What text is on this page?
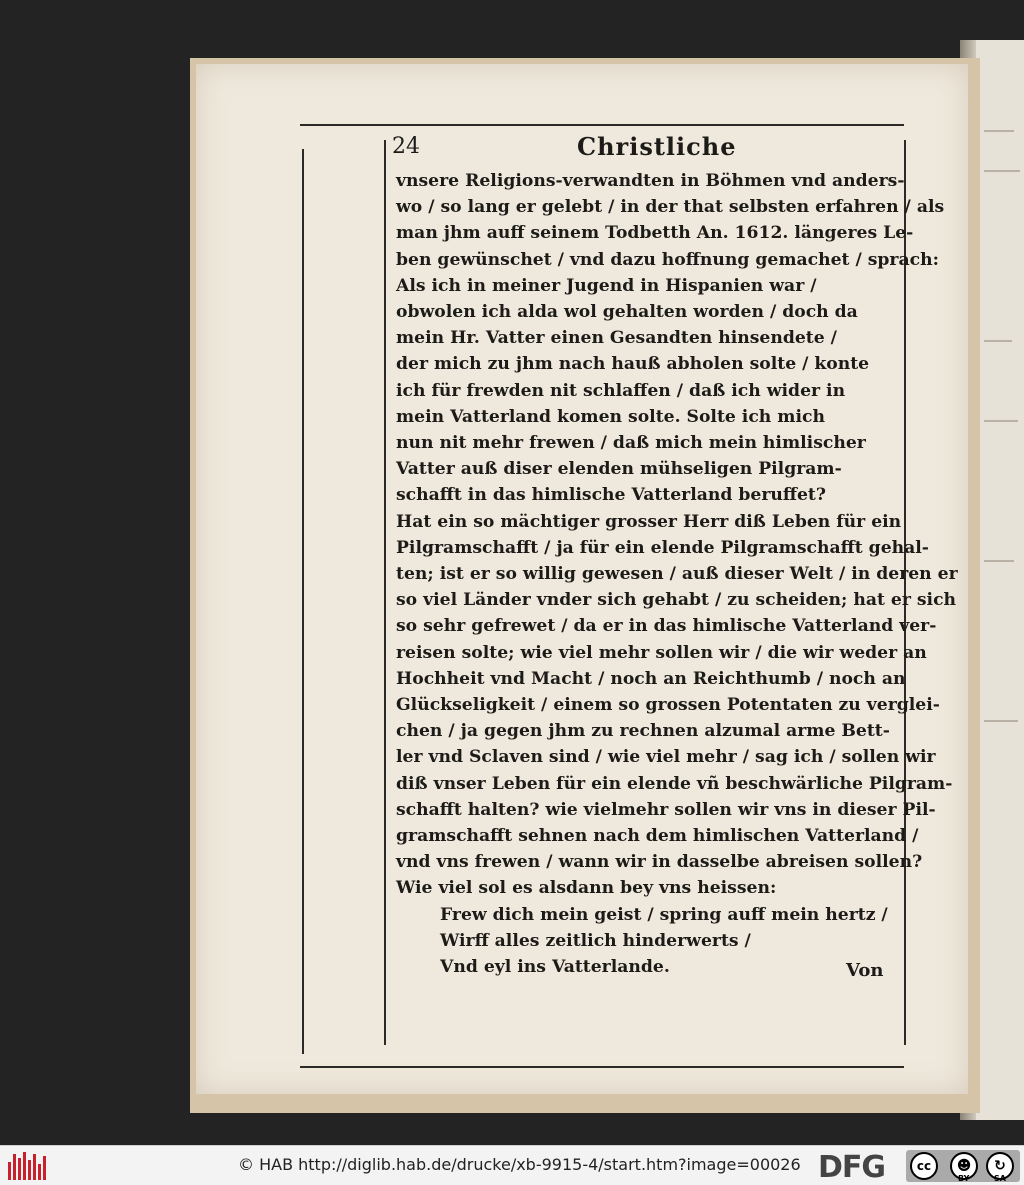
24	Christliche
vnsere Religions-verwandten in Böhmen vnd anders-
wo / so lang er gelebt / in der that selbsten erfahren / als
man jhm auff seinem Todbetth An. 1612. längeres Le-
ben gewünschet / vnd dazu hoffnung gemachet / sprach:
Als ich in meiner Jugend in Hispanien war /
obwolen ich alda wol gehalten worden / doch da
mein Hr. Vatter einen Gesandten hinsendete /
der mich zu jhm nach hauß abholen solte / konte
ich für frewden nit schlaffen / daß ich wider in
mein Vatterland komen solte. Solte ich mich
nun nit mehr frewen / daß mich mein himlischer
Vatter auß diser elenden mühseligen Pilgram-
schafft in das himlische Vatterland beruffet?
Hat ein so mächtiger grosser Herr diß Leben für ein
Pilgramschafft / ja für ein elende Pilgramschafft gehal-
ten; ist er so willig gewesen / auß dieser Welt / in deren er
so viel Länder vnder sich gehabt / zu scheiden; hat er sich
so sehr gefrewet / da er in das himlische Vatterland ver-
reisen solte; wie viel mehr sollen wir / die wir weder an
Hochheit vnd Macht / noch an Reichthumb / noch an
Glückseligkeit / einem so grossen Potentaten zu verglei-
chen / ja gegen jhm zu rechnen alzumal arme Bett-
ler vnd Sclaven sind / wie viel mehr / sag ich / sollen wir
diß vnser Leben für ein elende vñ beschwärliche Pilgram-
schafft halten? wie vielmehr sollen wir vns in dieser Pil-
gramschafft sehnen nach dem himlischen Vatterland /
vnd vns frewen / wann wir in dasselbe abreisen sollen?
Wie viel sol es alsdann bey vns heissen:
Frew dich mein geist / spring auff mein hertz /
Wirff alles zeitlich hinderwerts /
Vnd eyl ins Vatterlande.	Von
© HAB http://diglib.hab.de/drucke/xb-9915-4/start.htm?image=00026 DFG	cc	☻	↻
BY	SA
